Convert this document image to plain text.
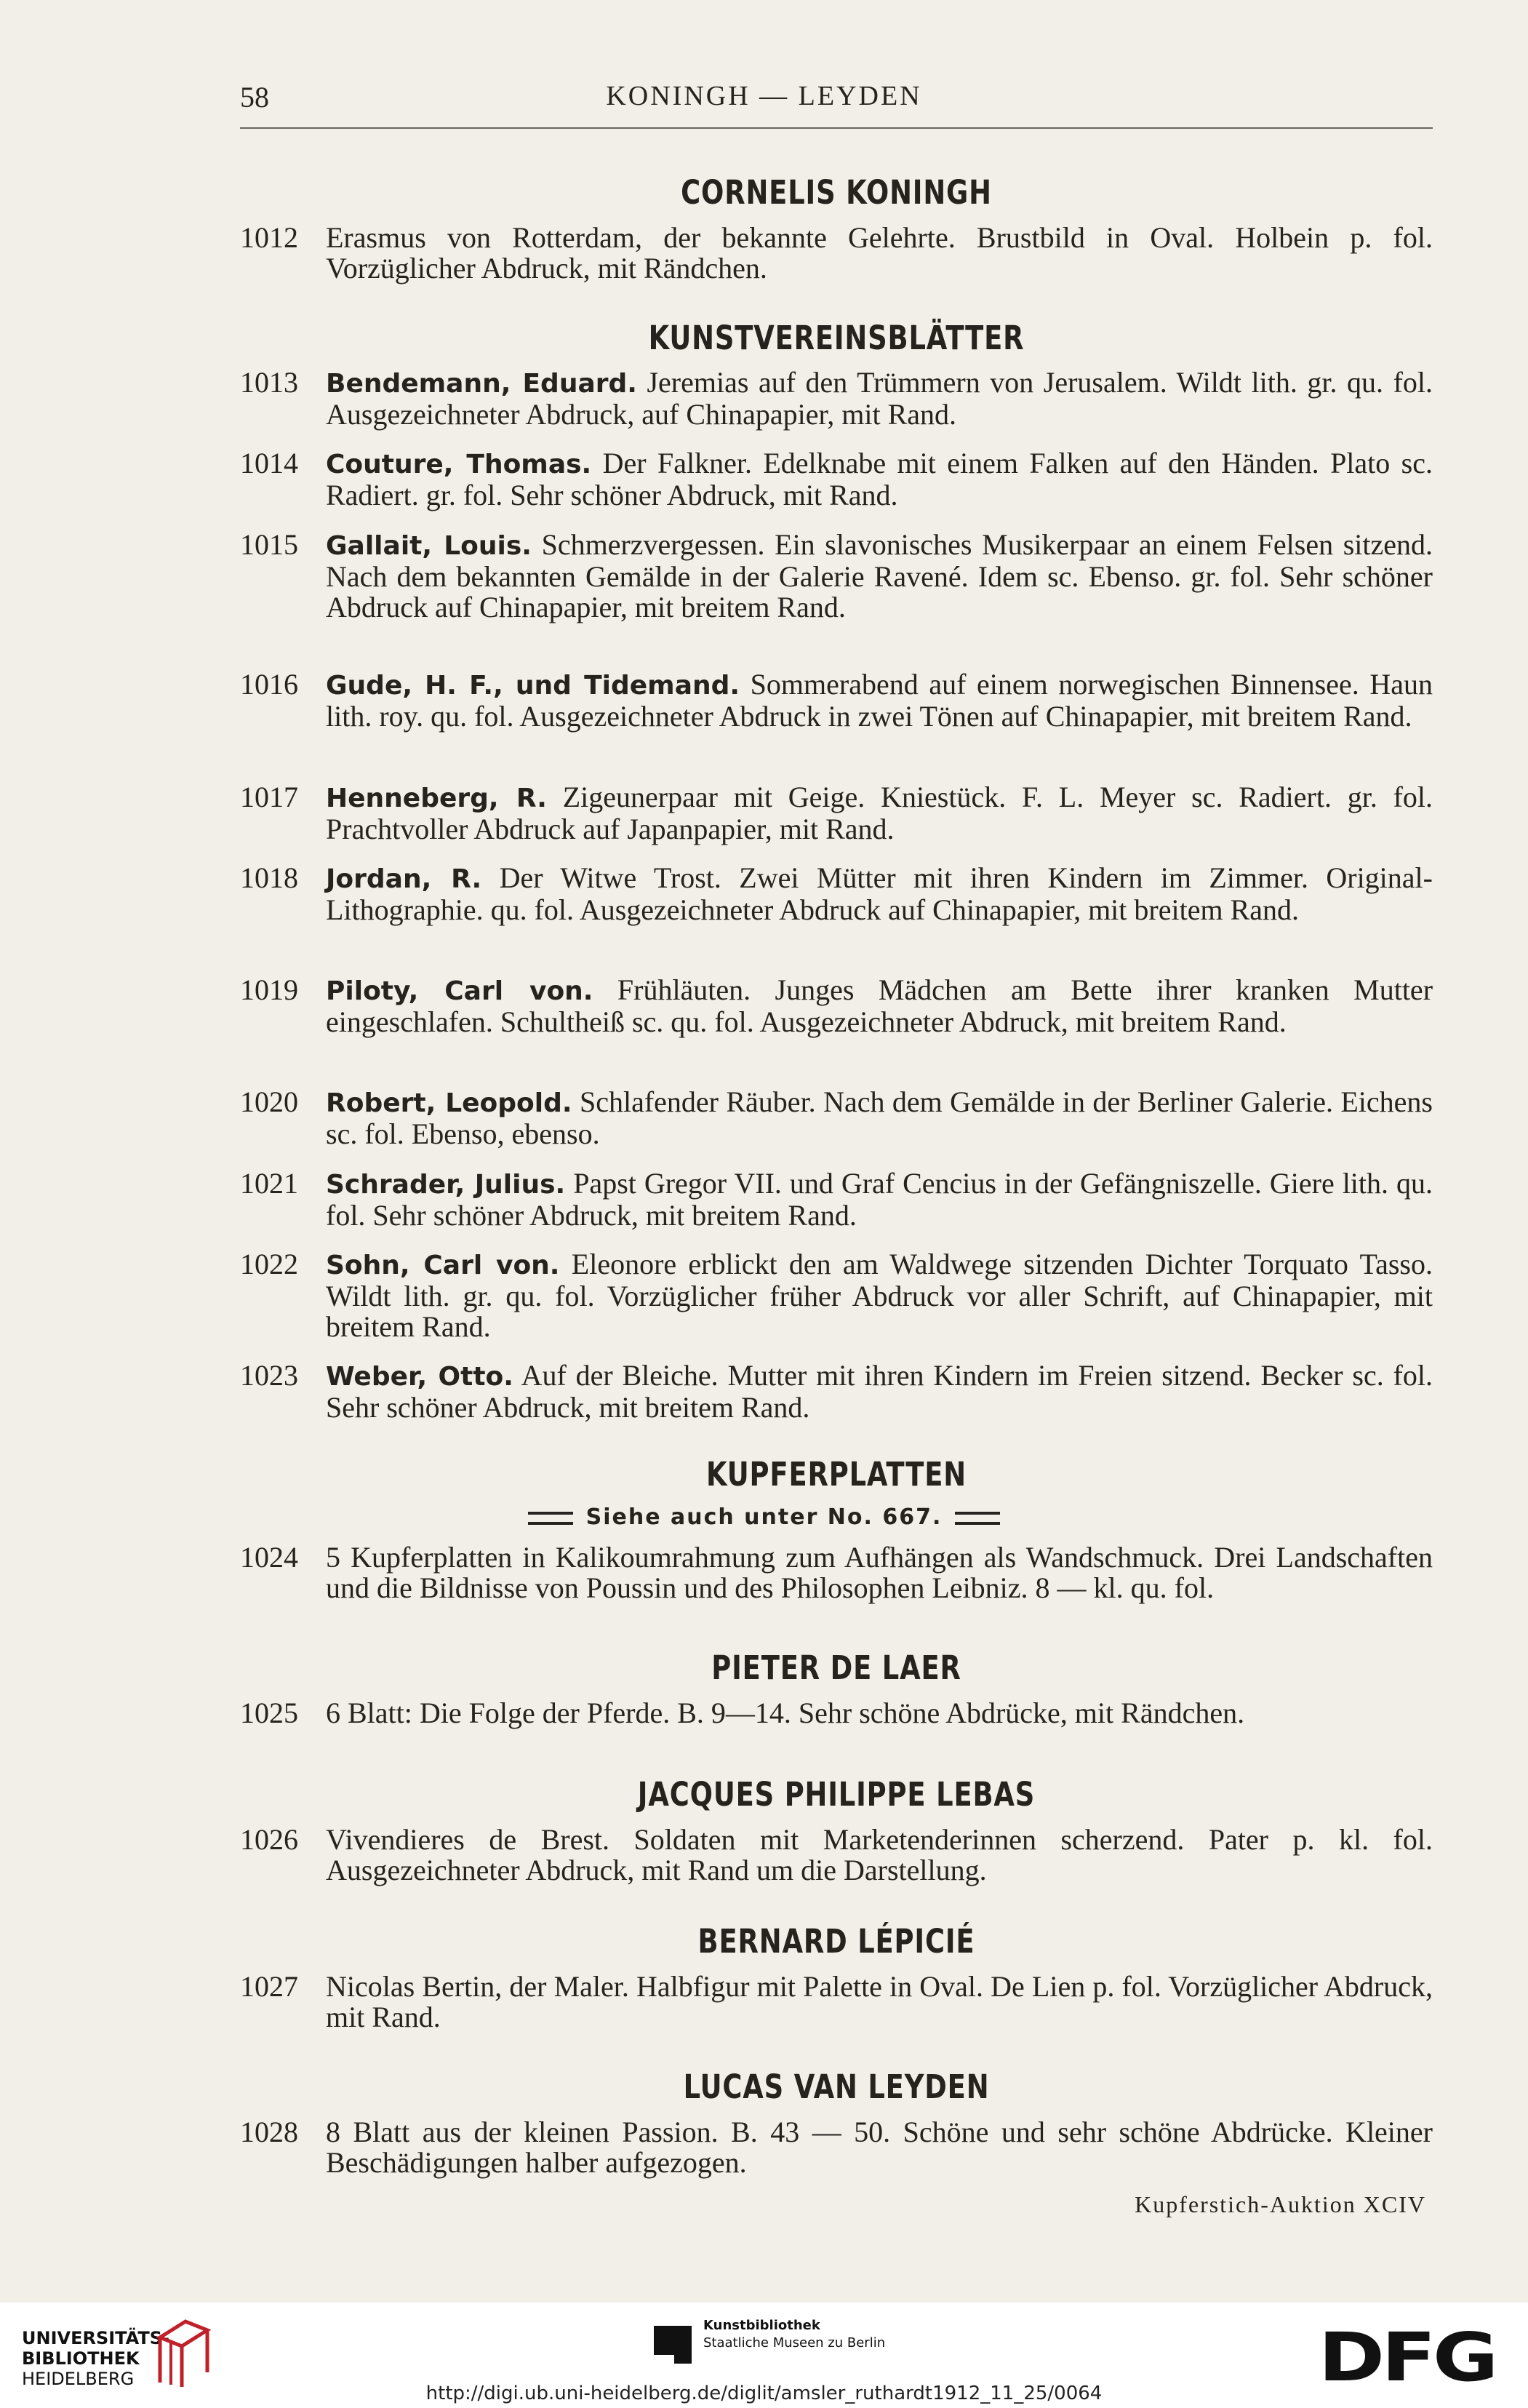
58	KONINGH — LEYDEN
CORNELIS KONINGH
1012 Erasmus von Rotterdam, der bekannte Gelehrte. Brustbild in Oval. Holbein p. fol. Vorzüglicher Abdruck, mit Rändchen.

KUNSTVEREINSBLÄTTER
1013 Bendemann, Eduard. Jeremias auf den Trümmern von Jerusalem. Wildt lith. gr. qu. fol. Ausgezeichneter Abdruck, auf Chinapapier, mit Rand.

1014 Couture, Thomas. Der Falkner. Edelknabe mit einem Falken auf den Händen. Plato sc. Radiert. gr. fol. Sehr schöner Abdruck, mit Rand.

1015 Gallait, Louis. Schmerzvergessen. Ein slavonisches Musikerpaar an einem Felsen sitzend. Nach dem bekannten Gemälde in der Galerie Ravené. Idem sc. Ebenso. gr. fol. Sehr schöner Abdruck auf Chinapapier, mit breitem Rand.

1016 Gude, H. F., und Tidemand. Sommerabend auf einem norwegischen Binnensee. Haun lith. roy. qu. fol. Ausgezeichneter Abdruck in zwei Tönen auf Chinapapier, mit breitem Rand.

1017 Henneberg, R. Zigeunerpaar mit Geige. Kniestück. F. L. Meyer sc. Radiert. gr. fol. Prachtvoller Abdruck auf Japanpapier, mit Rand.

1018 Jordan, R. Der Witwe Trost. Zwei Mütter mit ihren Kindern im Zimmer. Original-Lithographie. qu. fol. Ausgezeichneter Abdruck auf Chinapapier, mit breitem Rand.

1019 Piloty, Carl von. Frühläuten. Junges Mädchen am Bette ihrer kranken Mutter eingeschlafen. Schultheiß sc. qu. fol. Ausgezeichneter Abdruck, mit breitem Rand.

1020 Robert, Leopold. Schlafender Räuber. Nach dem Gemälde in der Berliner Galerie. Eichens sc. fol. Ebenso, ebenso.

1021 Schrader, Julius. Papst Gregor VII. und Graf Cencius in der Gefängniszelle. Giere lith. qu. fol. Sehr schöner Abdruck, mit breitem Rand.

1022 Sohn, Carl von. Eleonore erblickt den am Waldwege sitzenden Dichter Torquato Tasso. Wildt lith. gr. qu. fol. Vorzüglicher früher Abdruck vor aller Schrift, auf Chinapapier, mit breitem Rand.

1023 Weber, Otto. Auf der Bleiche. Mutter mit ihren Kindern im Freien sitzend. Becker sc. fol. Sehr schöner Abdruck, mit breitem Rand.

KUPFERPLATTEN
Siehe auch unter No. 667.
1024 5 Kupferplatten in Kalikoumrahmung zum Aufhängen als Wandschmuck. Drei Landschaften und die Bildnisse von Poussin und des Philosophen Leibniz. 8 — kl. qu. fol.

PIETER DE LAER
1025 6 Blatt: Die Folge der Pferde. B. 9—14. Sehr schöne Abdrücke, mit Rändchen.

JACQUES PHILIPPE LEBAS
1026 Vivendieres de Brest. Soldaten mit Marketenderinnen scherzend. Pater p. kl. fol. Ausgezeichneter Abdruck, mit Rand um die Darstellung.

BERNARD LÉPICIÉ
1027 Nicolas Bertin, der Maler. Halbfigur mit Palette in Oval. De Lien p. fol. Vorzüglicher Abdruck, mit Rand.

LUCAS VAN LEYDEN
1028 8 Blatt aus der kleinen Passion. B. 43 — 50. Schöne und sehr schöne Abdrücke. Kleiner Beschädigungen halber aufgezogen.

Kupferstich-Auktion XCIV
UNIVERSITÄTS-
BIBLIOTHEK
HEIDELBERG
Kunstbibliothek
Staatliche Museen zu Berlin	DFG
http://digi.ub.uni-heidelberg.de/diglit/amsler_ruthardt1912_11_25/0064
